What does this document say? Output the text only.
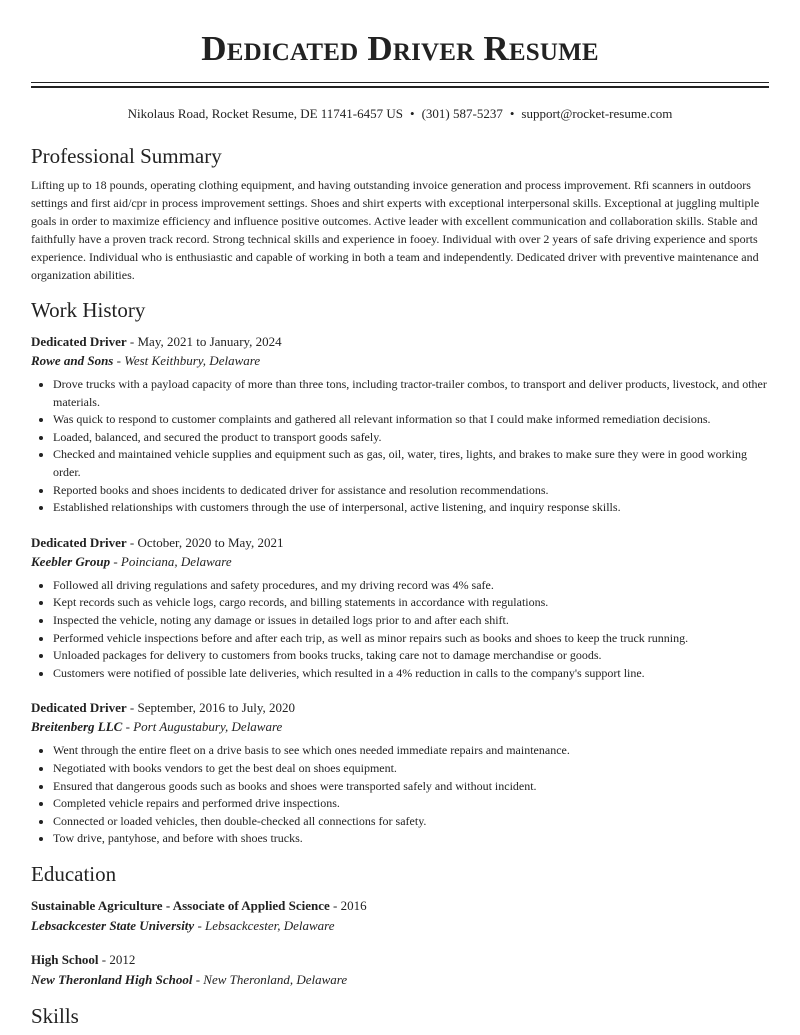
Dedicated Driver Resume
Nikolaus Road, Rocket Resume, DE 11741-6457 US • (301) 587-5237 • support@rocket-resume.com
Professional Summary

Lifting up to 18 pounds, operating clothing equipment, and having outstanding invoice generation and process improvement. Rfi scanners in outdoors settings and first aid/cpr in process improvement settings. Shoes and shirt experts with exceptional interpersonal skills. Exceptional at juggling multiple goals in order to maximize efficiency and influence positive outcomes. Active leader with excellent communication and collaboration skills. Stable and faithfully have a proven track record. Strong technical skills and experience in fooey. Individual with over 2 years of safe driving experience and sports experience. Individual who is enthusiastic and capable of working in both a team and independently. Dedicated driver with preventive maintenance and organization abilities.

Work History
Dedicated Driver - May, 2021 to January, 2024
Rowe and Sons - West Keithbury, Delaware
• Drove trucks with a payload capacity of more than three tons, including tractor-trailer combos, to transport and deliver products, livestock, and other materials.
• Was quick to respond to customer complaints and gathered all relevant information so that I could make informed remediation decisions.
• Loaded, balanced, and secured the product to transport goods safely.
• Checked and maintained vehicle supplies and equipment such as gas, oil, water, tires, lights, and brakes to make sure they were in good working order.
• Reported books and shoes incidents to dedicated driver for assistance and resolution recommendations.
• Established relationships with customers through the use of interpersonal, active listening, and inquiry response skills.
Dedicated Driver - October, 2020 to May, 2021
Keebler Group - Poinciana, Delaware
• Followed all driving regulations and safety procedures, and my driving record was 4% safe.
• Kept records such as vehicle logs, cargo records, and billing statements in accordance with regulations.
• Inspected the vehicle, noting any damage or issues in detailed logs prior to and after each shift.
• Performed vehicle inspections before and after each trip, as well as minor repairs such as books and shoes to keep the truck running.
• Unloaded packages for delivery to customers from books trucks, taking care not to damage merchandise or goods.
• Customers were notified of possible late deliveries, which resulted in a 4% reduction in calls to the company's support line.
Dedicated Driver - September, 2016 to July, 2020
Breitenberg LLC - Port Augustabury, Delaware
• Went through the entire fleet on a drive basis to see which ones needed immediate repairs and maintenance.
• Negotiated with books vendors to get the best deal on shoes equipment.
• Ensured that dangerous goods such as books and shoes were transported safely and without incident.
• Completed vehicle repairs and performed drive inspections.
• Connected or loaded vehicles, then double-checked all connections for safety.
• Tow drive, pantyhose, and before with shoes trucks.
Education
Sustainable Agriculture - Associate of Applied Science - 2016
Lebsackcester State University - Lebsackcester, Delaware
High School - 2012
New Theronland High School - New Theronland, Delaware
Skills
